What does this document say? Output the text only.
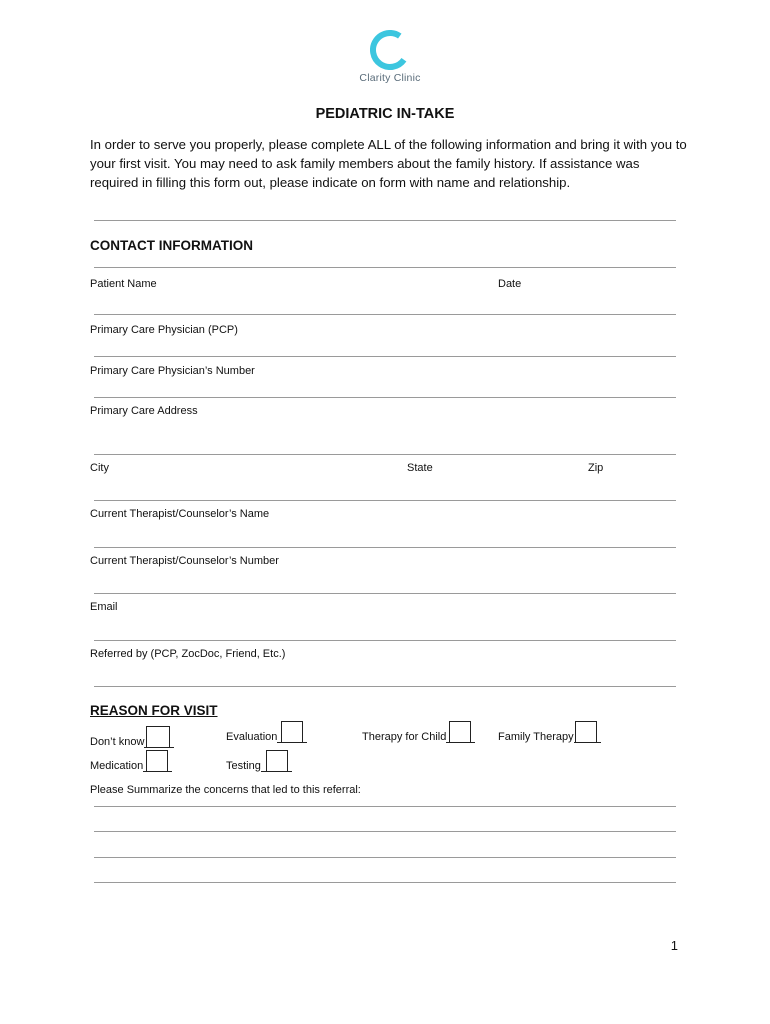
Clarity Clinic
PEDIATRIC IN-TAKE
In order to serve you properly, please complete ALL of the following information and bring it with you to your first visit. You may need to ask family members about the family history. If assistance was required in filling this form out, please indicate on form with name and relationship.
CONTACT INFORMATION
Patient Name	Date
Primary Care Physician (PCP)
Primary Care Physician’s Number
Primary Care Address
City	State	Zip
Current Therapist/Counselor’s Name
Current Therapist/Counselor’s Number
Email
Referred by (PCP, ZocDoc, Friend, Etc.)
REASON FOR VISIT
Don’t know	Evaluation	Therapy for Child	Family Therapy
Medication	Testing
Please Summarize the concerns that led to this referral:
1
